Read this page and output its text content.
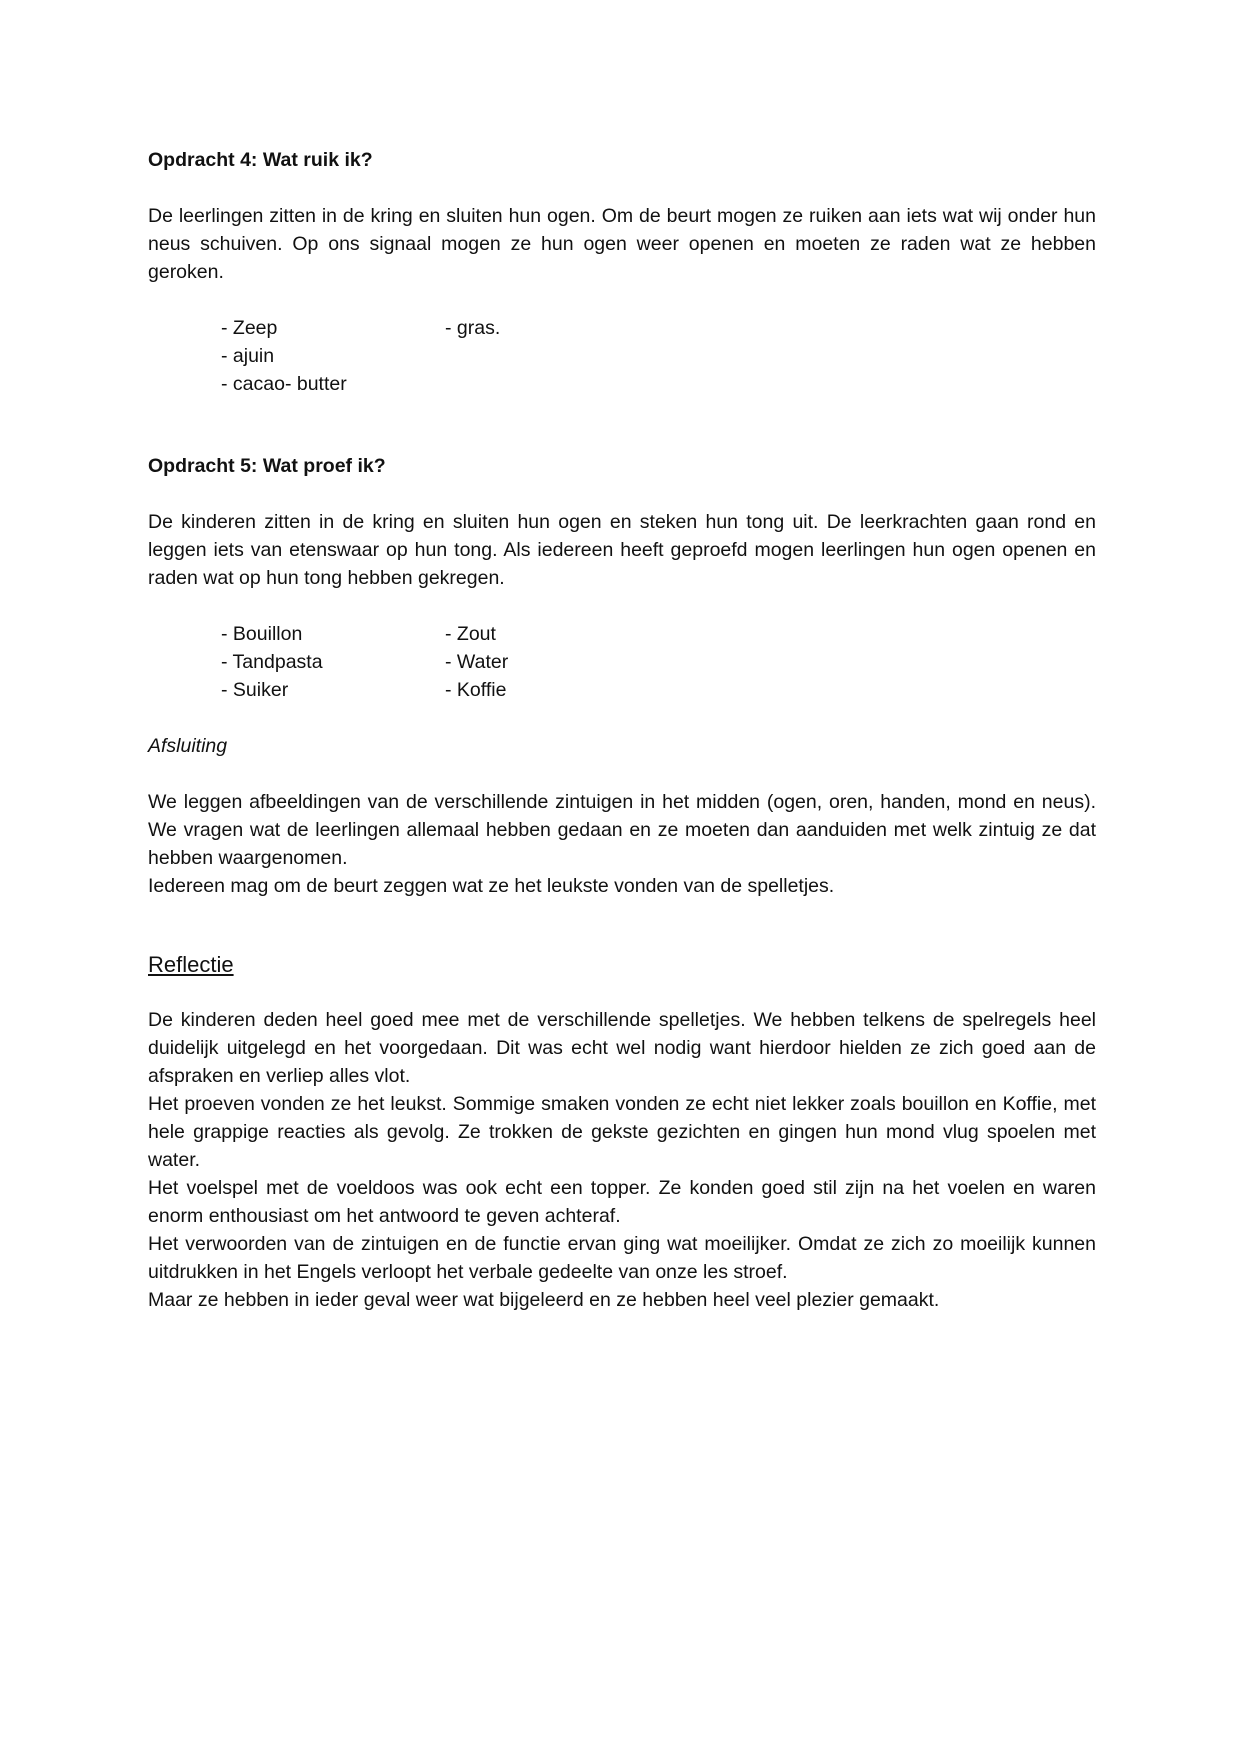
Opdracht 4: Wat ruik ik?

De leerlingen zitten in de kring en sluiten hun ogen. Om de beurt mogen ze ruiken aan iets wat wij onder hun neus schuiven. Op ons signaal mogen ze hun ogen weer openen en moeten ze raden wat ze hebben geroken.

- Zeep	- gras.
- ajuin
- cacao- butter

Opdracht 5: Wat proef ik?

De kinderen zitten in de kring en sluiten hun ogen en steken hun tong uit. De leerkrachten gaan rond en leggen iets van etenswaar op hun tong. Als iedereen heeft geproefd mogen leerlingen hun ogen openen en raden wat op hun tong hebben gekregen.

- Bouillon	- Zout
- Tandpasta	- Water
- Suiker	- Koffie

Afsluiting

We leggen afbeeldingen van de verschillende zintuigen in het midden (ogen, oren, handen, mond en neus). We vragen wat de leerlingen allemaal hebben gedaan en ze moeten dan aanduiden met welk zintuig ze dat hebben waargenomen.

Iedereen mag om de beurt zeggen wat ze het leukste vonden van de spelletjes.

Reflectie

De kinderen deden heel goed mee met de verschillende spelletjes. We hebben telkens de spelregels heel duidelijk uitgelegd en het voorgedaan. Dit was echt wel nodig want hierdoor hielden ze zich goed aan de afspraken en verliep alles vlot.

Het proeven vonden ze het leukst. Sommige smaken vonden ze echt niet lekker zoals bouillon en Koffie, met hele grappige reacties als gevolg. Ze trokken de gekste gezichten en gingen hun mond vlug spoelen met water.

Het voelspel met de voeldoos was ook echt een topper. Ze konden goed stil zijn na het voelen en waren enorm enthousiast om het antwoord te geven achteraf.

Het verwoorden van de zintuigen en de functie ervan ging wat moeilijker. Omdat ze zich zo moeilijk kunnen uitdrukken in het Engels verloopt het verbale gedeelte van onze les stroef.

Maar ze hebben in ieder geval weer wat bijgeleerd en ze hebben heel veel plezier gemaakt.
